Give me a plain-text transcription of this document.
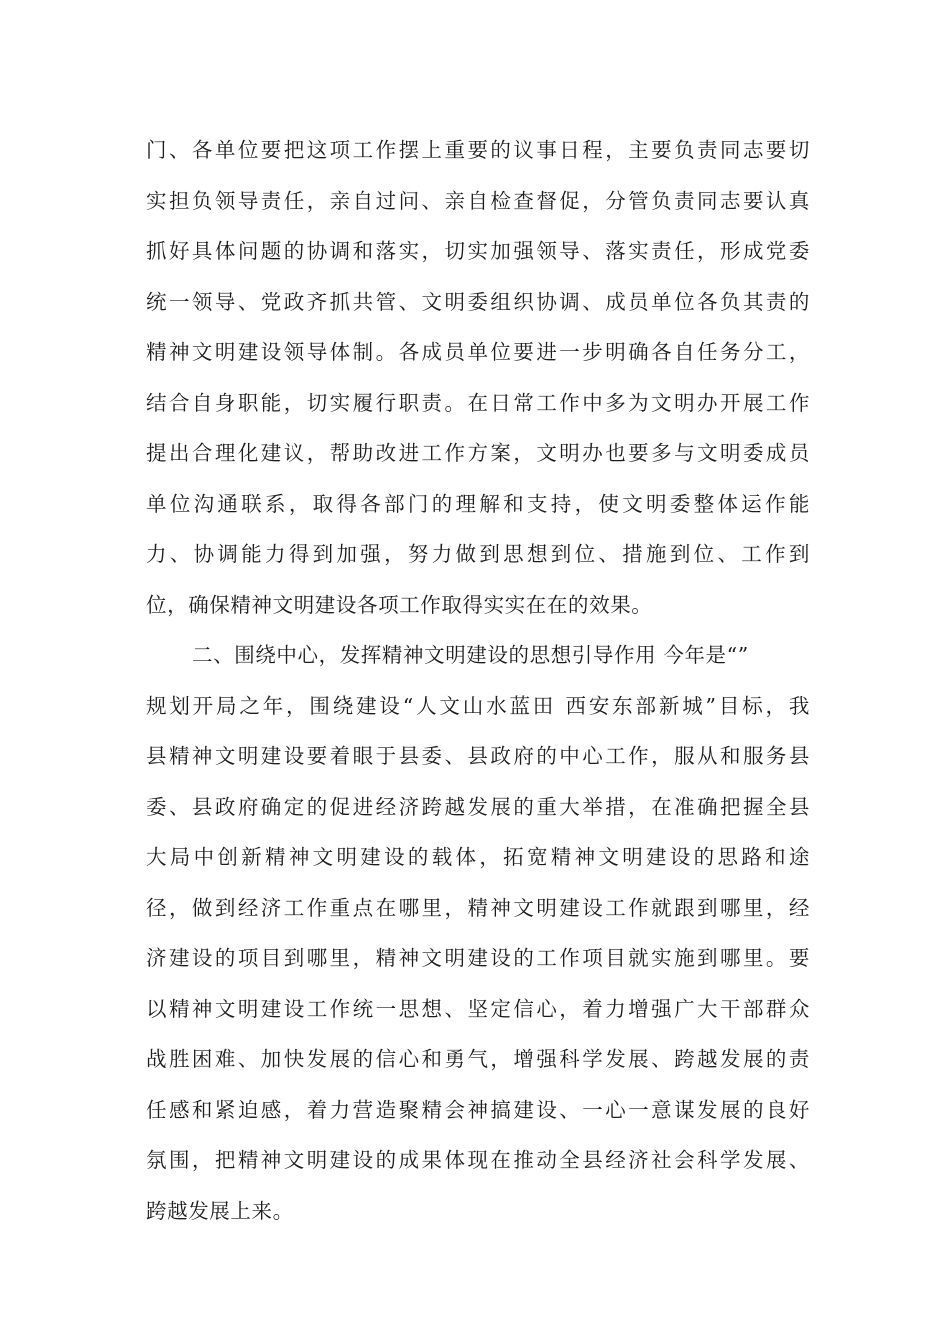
门、各单位要把这项工作摆上重要的议事日程，主要负责同志要切
实担负领导责任，亲自过问、亲自检查督促，分管负责同志要认真
抓好具体问题的协调和落实，切实加强领导、落实责任，形成党委
统一领导、党政齐抓共管、文明委组织协调、成员单位各负其责的
精神文明建设领导体制。各成员单位要进一步明确各自任务分工，
结合自身职能，切实履行职责。在日常工作中多为文明办开展工作
提出合理化建议，帮助改进工作方案，文明办也要多与文明委成员
单位沟通联系，取得各部门的理解和支持，使文明委整体运作能
力、协调能力得到加强，努力做到思想到位、措施到位、工作到
位，确保精神文明建设各项工作取得实实在在的效果。
二、围绕中心，发挥精神文明建设的思想引导作用 今年是“”
规划开局之年，围绕建设“人文山水蓝田 西安东部新城”目标，我
县精神文明建设要着眼于县委、县政府的中心工作，服从和服务县
委、县政府确定的促进经济跨越发展的重大举措，在准确把握全县
大局中创新精神文明建设的载体，拓宽精神文明建设的思路和途
径，做到经济工作重点在哪里，精神文明建设工作就跟到哪里，经
济建设的项目到哪里，精神文明建设的工作项目就实施到哪里。要
以精神文明建设工作统一思想、坚定信心，着力增强广大干部群众
战胜困难、加快发展的信心和勇气，增强科学发展、跨越发展的责
任感和紧迫感，着力营造聚精会神搞建设、一心一意谋发展的良好
氛围，把精神文明建设的成果体现在推动全县经济社会科学发展、
跨越发展上来。
